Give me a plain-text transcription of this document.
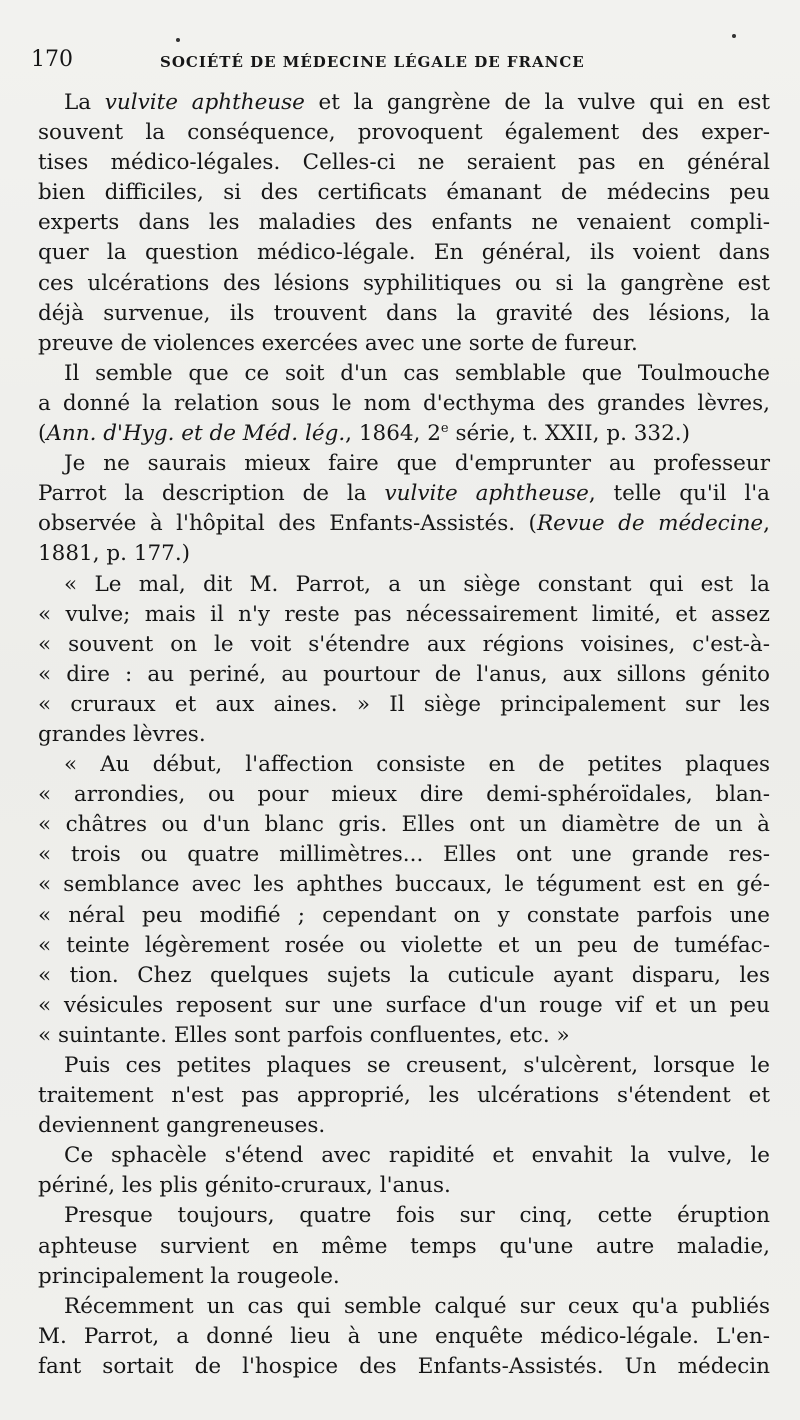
170	SOCIÉTÉ DE MÉDECINE LÉGALE DE FRANCE
La vulvite aphtheuse et la gangrène de la vulve qui en est
souvent la conséquence, provoquent également des exper-
tises médico-légales. Celles-ci ne seraient pas en général
bien difficiles, si des certificats émanant de médecins peu
experts dans les maladies des enfants ne venaient compli-
quer la question médico-légale. En général, ils voient dans
ces ulcérations des lésions syphilitiques ou si la gangrène est
déjà survenue, ils trouvent dans la gravité des lésions, la
preuve de violences exercées avec une sorte de fureur.
Il semble que ce soit d'un cas semblable que Toulmouche
a donné la relation sous le nom d'ecthyma des grandes lèvres,
(Ann. d'Hyg. et de Méd. lég., 1864, 2e série, t. XXII, p. 332.)
Je ne saurais mieux faire que d'emprunter au professeur
Parrot la description de la vulvite aphtheuse, telle qu'il l'a
observée à l'hôpital des Enfants-Assistés. (Revue de médecine,
1881, p. 177.)
« Le mal, dit M. Parrot, a un siège constant qui est la
« vulve; mais il n'y reste pas nécessairement limité, et assez
« souvent on le voit s'étendre aux régions voisines, c'est-à-
« dire : au periné, au pourtour de l'anus, aux sillons génito
« cruraux et aux aines. » Il siège principalement sur les
grandes lèvres.
« Au début, l'affection consiste en de petites plaques
« arrondies, ou pour mieux dire demi-sphéroïdales, blan-
« châtres ou d'un blanc gris. Elles ont un diamètre de un à
« trois ou quatre millimètres... Elles ont une grande res-
« semblance avec les aphthes buccaux, le tégument est en gé-
« néral peu modifié ; cependant on y constate parfois une
« teinte légèrement rosée ou violette et un peu de tuméfac-
« tion. Chez quelques sujets la cuticule ayant disparu, les
« vésicules reposent sur une surface d'un rouge vif et un peu
« suintante. Elles sont parfois confluentes, etc. »
Puis ces petites plaques se creusent, s'ulcèrent, lorsque le
traitement n'est pas approprié, les ulcérations s'étendent et
deviennent gangreneuses.
Ce sphacèle s'étend avec rapidité et envahit la vulve, le
périné, les plis génito-cruraux, l'anus.
Presque toujours, quatre fois sur cinq, cette éruption
aphteuse survient en même temps qu'une autre maladie,
principalement la rougeole.
Récemment un cas qui semble calqué sur ceux qu'a publiés
M. Parrot, a donné lieu à une enquête médico-légale. L'en-
fant sortait de l'hospice des Enfants-Assistés. Un médecin
